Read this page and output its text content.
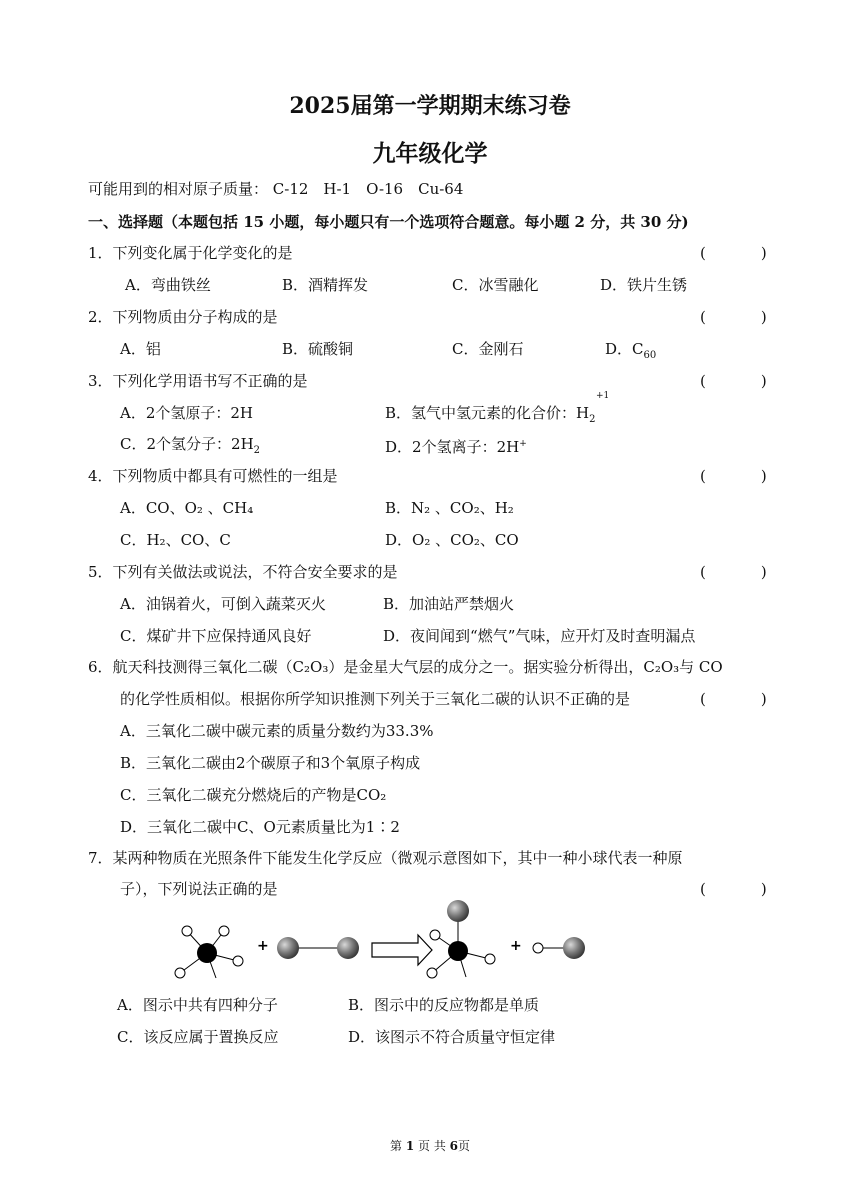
2025届第一学期期末练习卷
九年级化学
可能用到的相对原子质量： C-12　H-1　O-16　Cu-64
一、选择题（本题包括 15 小题，每小题只有一个选项符合题意。每小题 2 分，共 30 分)
1．下列变化属于化学变化的是	(　)
A．弯曲铁丝	B．酒精挥发	C．冰雪融化	D．铁片生锈
2．下列物质由分子构成的是	(　)
A．铝	B．硫酸铜	C．金刚石	D．$C_{60}$
3．下列化学用语书写不正确的是	(　)
A．2个氢原子：2H	B．氢气中氢元素的化合价：$H_2$
+1
C．2个氢分子：$2H_2$	D．2个氢离子：2H+
4．下列物质中都具有可燃性的一组是	(　)
A．CO、O₂ 、CH₄	B．N₂ 、CO₂、H₂
C．H₂、CO、C	D．O₂ 、CO₂、CO
5．下列有关做法或说法，不符合安全要求的是	(　)
A．油锅着火，可倒入蔬菜灭火	B．加油站严禁烟火
C．煤矿井下应保持通风良好	D．夜间闻到“燃气”气味，应开灯及时查明漏点
6．航天科技测得三氧化二碳（C₂O₃）是金星大气层的成分之一。据实验分析得出，C₂O₃与 CO
的化学性质相似。根据你所学知识推测下列关于三氧化二碳的认识不正确的是	(　)
A．三氧化二碳中碳元素的质量分数约为33.3%
B．三氧化二碳由2个碳原子和3个氧原子构成
C．三氧化二碳充分燃烧后的产物是CO₂
D．三氧化二碳中C、O元素质量比为1∶2
7．某两种物质在光照条件下能发生化学反应（微观示意图如下，其中一种小球代表一种原
子），下列说法正确的是	(　)
+	+
A．图示中共有四种分子	B．图示中的反应物都是单质
C．该反应属于置换反应	D．该图示不符合质量守恒定律
第 1 页 共 6页
